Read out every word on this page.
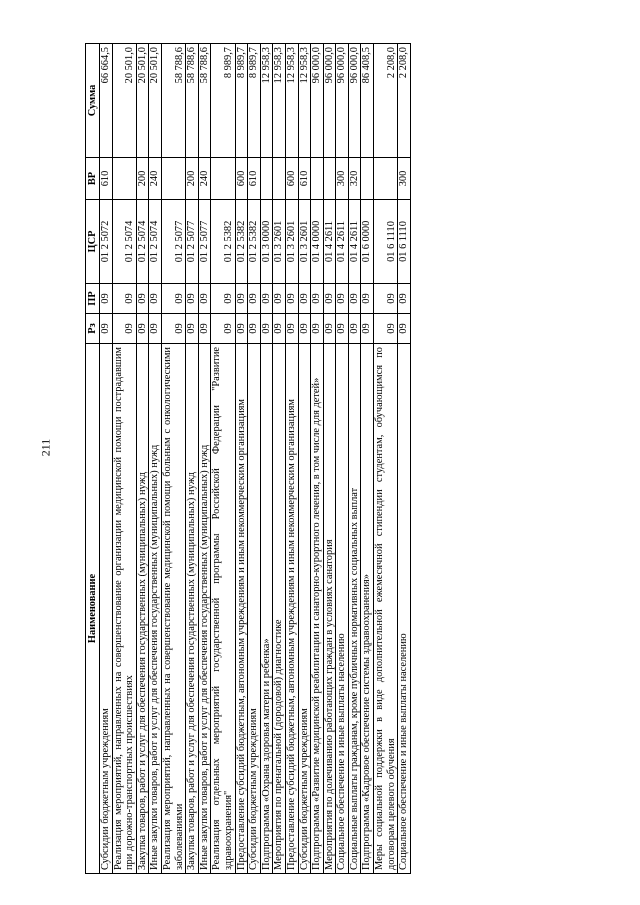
211
Наименование	Рз	ПР	ЦСР	ВР	Сумма
Субсидии бюджетным учреждениям	09	09	01 2 5072	610	66 664,5
Реализация мероприятий, направленных на совершенствование организации медицинской помощи пострадавшим при дорожно-транспортных происшествиях	09	09	01 2 5074		20 501,0
Закупка товаров, работ и услуг для обеспечения государственных (муниципальных) нужд	09	09	01 2 5074	200	20 501,0
Иные закупки товаров, работ и услуг для обеспечения государственных (муниципальных) нужд	09	09	01 2 5074	240	20 501,0
Реализация мероприятий, направленных на совершенствование медицинской помощи больным с онкологическими заболеваниями	09	09	01 2 5077		58 788,6
Закупка товаров, работ и услуг для обеспечения государственных (муниципальных) нужд	09	09	01 2 5077	200	58 788,6
Иные закупки товаров, работ и услуг для обеспечения государственных (муниципальных) нужд	09	09	01 2 5077	240	58 788,6
Реализация отдельных мероприятий государственной программы Российской Федерации "Развитие здравоохранения"	09	09	01 2 5382		8 989,7
Предоставление субсидий бюджетным, автономным учреждениям и иным некоммерческим организациям	09	09	01 2 5382	600	8 989,7
Субсидии бюджетным учреждениям	09	09	01 2 5382	610	8 989,7
Подпрограмма «Охрана здоровья матери и ребенка»	09	09	01 3 0000		12 958,3
Мероприятия по пренатальной (дородовой) диагностике	09	09	01 3 2601		12 958,3
Предоставление субсидий бюджетным, автономным учреждениям и иным некоммерческим организациям	09	09	01 3 2601	600	12 958,3
Субсидии бюджетным учреждениям	09	09	01 3 2601	610	12 958,3
Подпрограмма «Развитие медицинской реабилитации и санаторно-курортного лечения, в том числе для детей»	09	09	01 4 0000		96 000,0
Мероприятия по долечиванию работающих граждан в условиях санатория	09	09	01 4 2611		96 000,0
Социальное обеспечение и иные выплаты населению	09	09	01 4 2611	300	96 000,0
Социальные выплаты гражданам, кроме публичных нормативных социальных выплат	09	09	01 4 2611	320	96 000,0
Подпрограмма «Кадровое обеспечение системы здравоохранения»	09	09	01 6 0000		86 408,5
Меры социальной поддержки в виде дополнительной ежемесячной стипендии студентам, обучающимся по договорам целевого обучения	09	09	01 6 1110		2 208,0
Социальное обеспечение и иные выплаты населению	09	09	01 6 1110	300	2 208,0
